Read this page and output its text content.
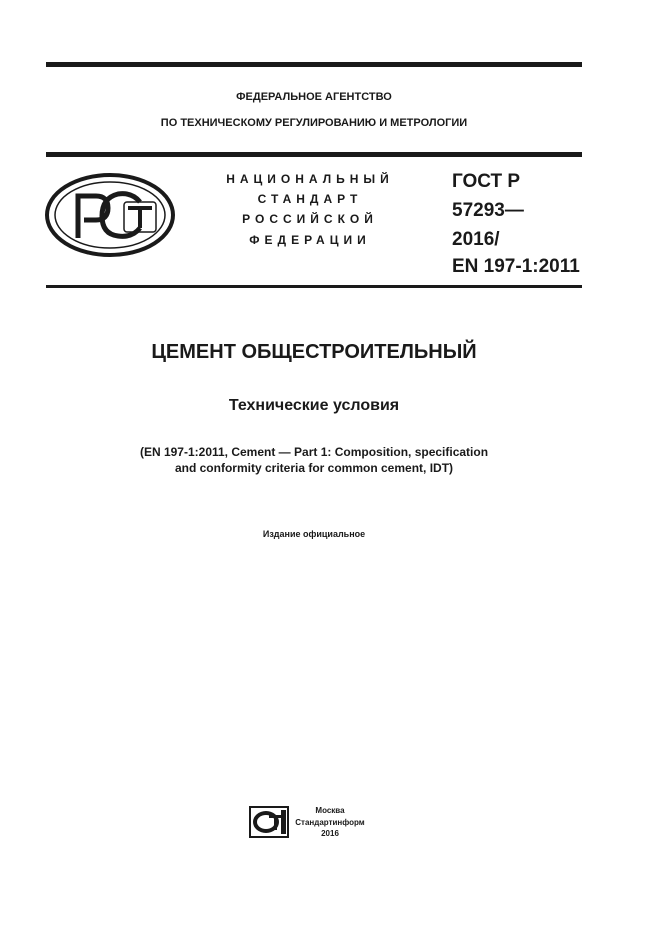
ФЕДЕРАЛЬНОЕ АГЕНТСТВО
ПО ТЕХНИЧЕСКОМУ РЕГУЛИРОВАНИЮ И МЕТРОЛОГИИ
НАЦИОНАЛЬНЫЙ
СТАНДАРТ
РОССИЙСКОЙ
ФЕДЕРАЦИИ
ГОСТ Р
57293—
2016/
EN 197-1:2011
ЦЕМЕНТ ОБЩЕСТРОИТЕЛЬНЫЙ
Технические условия
(EN 197-1:2011, Cement — Part 1: Composition, specification
and conformity criteria for common cement, IDT)
Издание официальное
Москва
Стандартинформ
2016
